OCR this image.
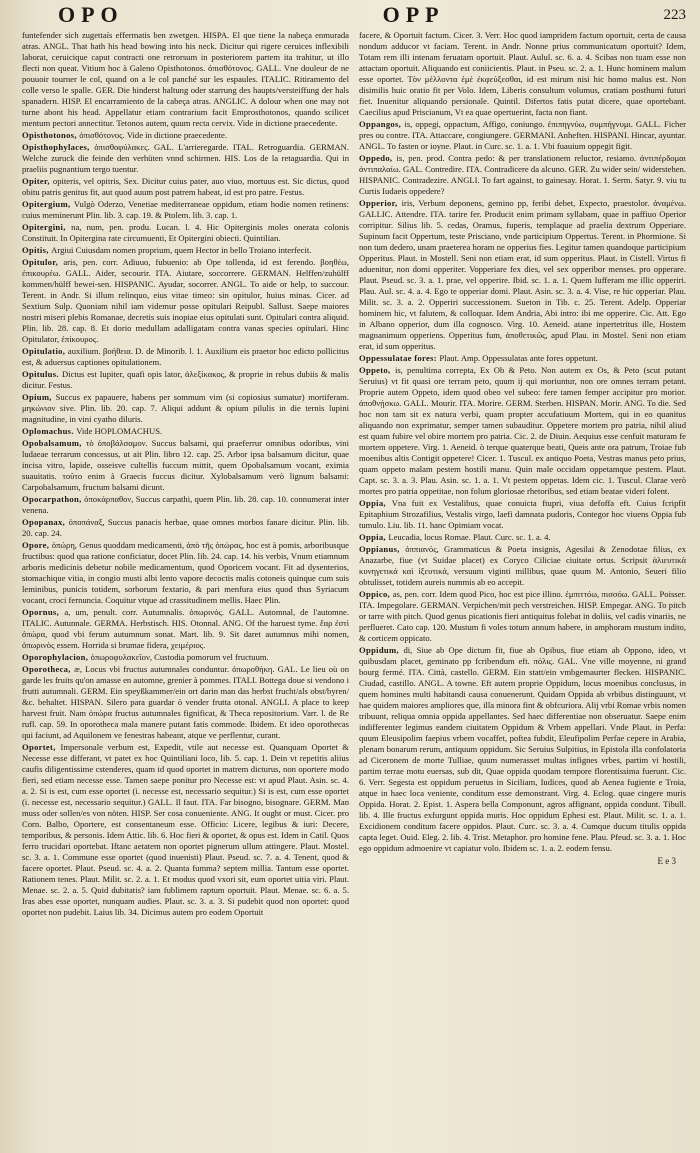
OPO	OPP	223

funtefender sich zugettaís effermatis ben zwetgen. HISPA. El que tiene la nabeça enmurada atras. ANGL. That hath his head bowing into his neck. Dicitur qui rigere ceruices inflexibili laborat, ceruicique caput contracti one retrorsum in posteriorem partem ita trahitur, ut illo flecti non queat. Vitium hoc à Galeno Opisthotonos. ὀπισθότονος. GALL. Vne douleur de ne pouuoir tourner le col, quand on a le col panché sur les espaules. ITALIC. Ritiramento del colle verso le spalle. GER. Die hinderst haltung oder starrung des haupts/versteiffung der hals spanadern. HISP. El encarramiento de la cabeça atras. ANGLIC. A dolour when one may not turne abont his head. Appellatur etiam contrarium facit Emprosthotonos, quando scilicet mentum pectori annectitur. Tetonos autem, quum recta cervix. Vide in dictione praecedente.

Opisthotonos, ὀπισθότονος. Vide in dictione praecedente.

Opisthophylaces, ὀπισθοφύλακες. GAL. L'arrieregarde. ITAL. Retroguardia. GERMAN. Welche zuruck die feinde den verhüten vnnd schirmen. HIS. Los de la retaguardia. Qui in praeliis pugnantium tergo tuentur.

Opiter, opiteris, vel opitris, Sex. Dicitur cuius pater, auo viuo, mortuus est. Sic dictus, quod obitu patris genitus fit, aut quod auum post patrem habeat, id est pro patre. Festus.

Opitergium, Vulgò Oderzo, Venetiae mediterraneae oppidum, etiam hodie nomen retinens: cuius meminerunt Plin. lib. 3. cap. 19. & Ptolem. lib. 3. cap. 1.

Opitergini, na, num, pen. produ. Lucan. l. 4. Hic Opiterginis moles onerata colonis Constituit. In Opitergina rate circumuenti, Et Opitergini obiecti. Quintilian.

Opitis, Argiui Cuiusdam nomen proprium, quem Hector in bello Troiano interfecit.

Opitulor, aris, pen. corr. Adiuuo, fubuenio: ab Ope tollenda, id est ferendo. βοηθέω, ἐπικουρέω. GALL. Aider, secourir. ITA. Aiutare, soccorrere. GERMAN. Helffen/zuhülff kommen/hülff bewei-sen. HISPANIC. Ayudar, socorrer. ANGL. To aide or help, to succour. Terent. in Andr. Si illum relinquo, eius vitae timeo: sin opitulor, huius minas. Cicer. ad Sextium Sulp. Quoniam nihil iam videmur posse opitulari Reipubl. Sallust. Saepe maiores nostri miseri plebis Romanae, decretis suis inopiae eius opitulati sunt. Opitulari contra aliquid. Plin. lib. 28. cap. 8. Et dorio medullam adalligatam contra vanas species opitulari. Hinc Opitulator, ἐπίκουρος.

Opitulatio, auxilium. βοήθεια. D. de Minorib. l. 1. Auxilium eis praetor hoc edicto pollicitus est, & aduersus captiones opitulationem.

Opitulus. Dictus est Iupiter, quafi opis lator, ἀλεξίκακος, & proprie in rebus dubiis & malis dicitur. Festus.

Opium, Succus ex papauere, habens per sommum vim (si copiosius sumatur) mortiferam. μηκώνιον sive. Plin. lib. 20. cap. 7. Aliqui addunt & opium pilulis in die ternis lupini magnitudine, in vini cyatho diluris.

Oplomachus. Vide HOPLOMACHUS.

Opobalsamum, τὸ ὀποβάλσαμον. Succus balsami, qui praeferrur omnibus odoribus, vini ludaeae terrarum concessus, ut ait Plin. libro 12. cap. 25. Arbor ipsa balsamum dicitur, quae incisa vitro, lapide, osseisve cultellis fuccum mittit, quem Opobalsamum vocant, eximia suauitatis. τοῦτο enim à Graecis fuccus dicitur. Xylobalsamum verò lignum balsami: Carpobalsamum, fructum balsami dicunt.

Opocarpathon, ὀποκάρπαθον, Succus carpathi, quem Plin. lib. 28. cap. 10. connumerat inter venena.

Opopanax, ὀποπάναξ, Succus panacis herbae, quae omnes morbos fanare dicitur. Plin. lib. 20. cap. 24.

Opore, ὀπώρη, Genus quoddam medicamenti, ἀπὸ τῆς ὀπώρας, hoc est à pomis, arboribusque fructibus: quod qua ratione conficiatur, docet Plin. lib. 24. cap. 14. his verbis, Vnum etiamnum arboris medicinis debetur nobile medicamentum, quod Oporicem vocant. Fit ad dysenterios, stomachique vitia, in congio musti albi lento vapore decoctis malis cotoneis quinque cum suis leminibus, punicis totidem, sorborum fextario, & pari menfura eius quod thus Syriacum vocant, croci fernuncia. Coquitur vtque ad crassitudinem mellis. Haec Plin.

Opornus, a, um, penult. corr. Autumnalis. ὀπωρινός. GALL. Automnal, de l'automne. ITALIC. Autunnale. GERMA. Herbstisch. HIS. Otonnal. ANG. Of the haruest tyme. ἔαρ ἐστὶ ὀπώρα, quod vbi ferum autumnum sonat. Mart. lib. 9. Sit daret autumnus mihi nomen, ὀπωρινὸς essem. Horrida si brumae fidera, χειμέριος.

Oporophylacion, ὀπωροφυλακεῖον, Custodia pomorum vel fructuum.

Oporotheca, æ, Locus vbi fructus autumnales conduntur. ὀπωροθήκη. GAL. Le lieu où on garde les fruits qu'on amasse en automne, grenier à pommes. ITALI. Bottega doue si vendono i frutti autumnali. GERM. Ein speyßkammer/ein ort darin man das herbst frucht/als obst/byren/ &c. behaltet. HISPAN. Silero para guardar ò vender frutta otonal. ANGLI. A place to keep harvest fruit. Nam ὀπώρα fructus autumnales fignificat, & Theca repositorium. Varr. l. de Re rufl. cap. 59. In oporotheca mala manere putant fatis commode. Ibidem. Et ideo oporothecas qui faciunt, ad Aquilonem ve fenestras habeant, atque ve perflentur, curant.

Oportet, Impersonale verbum est, Expedit, vtile aut necesse est. Quanquam Oportet & Necesse esse differant, vt patet ex hoc Quintiliani loco, lib. 5. cap. 1. Dein vt repetitis aliius caufis diligentissime cstenderes, quam id quod oportet in matrem dicturus, non oportere modo fieri, sed etiam necesse esse. Tamen saepe ponitur pro Necesse est: vt apud Plaut. Asin. sc. 4. a. 2. Si is est, cum esse oportet (i. necesse est, necessario sequitur.) Si is est, cum esse oportet (i. necesse est, necessario sequitur.) GALL. Il faut. ITA. Far bisogno, bisognare. GERM. Man muss oder sollen/es von nöten. HISP. Ser cosa conueniente. ANG. It ought or must. Cicer. pro Corn. Balbo, Oportere, est consentaneum esse. Officio: Licere, legibus & iuri: Decere, temporibus, & personis. Idem Attic. lib. 6. Hoc fieri & oportet, & opus est. Idem in Catil. Quos ferro trucidari oportebat. Iftanc aetatem non oportet pignerum ullum attingere. Plaut. Mostel. sc. 3. a. 1. Commune esse oportet (quod inuenisti) Plaut. Pseud. sc. 7. a. 4. Tenent, quod & facere oportet. Plaut. Pseud. sc. 4. a. 2. Quanta fumma? septem millia. Tantum esse oportet. Rationem tenes. Plaut. Milit. sc. 2. a. 1. Et modus quod vxori sit, eum oportet uitia viri. Plaut. Menae. sc. 2. a. 5. Quid dubitatis? iam fublimem raptum oportuit. Plaut. Menae. sc. 6. a. 5. Iras abes esse oportet, nunquam audies. Plaut. sc. 3. a. 3. Si pudebit quod non oportet: quod oportet non pudebit. Laius lib. 34. Dicimus autem pro eodem Oportuit

facere, & Oportuit factum. Cicer. 3. Verr. Hoc quod iampridem factum oportuit, certa de causa nondum adducor vt faciam. Terent. in Andr. Nonne prius communicatum oportuit? Idem, Totam rem illi intenam feruatam oportuit. Plaut. Aulul. sc. 6. a. 4. Scibas non tuam esse non attactam oportuit. Aliquando est coniicientis. Plaut. in Pseu. sc. 2. a. 1. Hunc hominem malum esse oportet. Τὸν μέλλοντα ἐμὲ ἐκφεύξεσθαι, id est mirum nisi hic homo malus est. Non disimilis huic oratio fit per Volo. Idem, Liberis consultum volumus, cratiam posthumi futuri fiet. Inuenitur aliquando persionale. Quintil. Difertos fatis putat dicere, quae oportebant. Caecilius apud Priscianum, Vt ea quae opertuerint, facta non fiant.

Oppangos, is, oppegi, oppactum, Affigo, coniungo. ἐπιπηγνύω, συμπήγνυμι. GALL. Ficher pres ou contre. ITA. Attaccare, congiungere. GERMANI. Anheften. HISPANI. Hincar, ayuntar. ANGL. To fasten or ioyne. Plaut. in Curc. sc. 1. a. 1. Vbi fuauium oppegit figit.

Oppedo, is, pen. prod. Contra pedo: & per translationem reluctor, resiamo. ἀντιπέρδομαι ἀντιπαλαίω. GAL. Contredire. ITA. Contradicere da alcuno. GER. Zu wider sein/ widerstehen. HISPANIC. Contradezire. ANGLI. To fart against, to gainesay. Horat. 1. Serm. Satyr. 9. viu tu Curtis Iudaeis oppedere?

Opperior, iris, Verbum deponens, gemino pp, feribi debet, Expecto, praestolor. ἀναμένω. GALLIC. Attendre. ITA. tarire fer. Producit enim primam syllabam, quae in paffiuo Operior corripitur. Silius lib. 5. cedas, Oramus, fuperis, templaque ad praelia dextrum Opperiare. Supinum facit Oppertum, teste Prisciano, vnde participium Oppertus. Terent. in Phormione. Si non tum dedero, unam praeterea horam ne opperius fies. Legitur tamen quandoque participium Opperitus. Plaut. in Mostell. Seni non etiam erat, id sum opperitus. Plaut. in Cistell. Virtus fi aduenitur, non domi opperiter. Vopperiare fex dies, vel sex opperibor menses. pro opperare. Plaut. Pseud. sc. 3. a. 1. prae, vel opperire. Ibid. sc. 1. a. 1. Quem Iufferam me illic opperiri. Plau. Aul. sc. 4. a. 4. Ego te opperiar domi. Plaut. Asin. sc. 3. a. 4. Vise, re hic opperiar. Plau. Milit. sc. 3. a. 2. Opperiri successionem. Sueton in Tib. c. 25. Terent. Adelp. Opperiar hominem hic, vt falutem, & colloquar. Idem Andria, Abi intro: ibi me opperire. Cic. Att. Ego in Albano opperior, dum illa cognosco. Virg. 10. Aeneid. atane inpertetritus ille, Hostem magnanimum opperiens. Opperitus fum, ἀποθετικῶς, apud Plau. in Mostel. Seni non etiam erat, id sum opperitus.

Oppessulatae fores: Plaut. Amp. Oppessulatas ante fores oppetunt.

Oppeto, is, penultima correpta, Ex Ob & Peto. Non autem ex Os, & Peto (scut putant Seruius) vt fit quasi ore terram peto, quum ij qui moriuntur, non ore omnes terram petant. Proprie autem Oppeto, idem quod obeo vel subeo: fere tamen femper accipitur pro morior. ἀποθνῄσκω. GALL. Mourir. ITA. Morire. GERM. Sterben. HISPAN. Morir. ANG. To die. Sed hoc non tam sit ex natura verbi, quam propter accufatiuum Mortem, qui in eo quanitus aliquando non exprimatur, semper tamen subauditur. Oppetere mortem pro patria, nihil aliud est quam fubire vel obire mortem pro patria. Cic. 2. de Diuin. Aequius esse cenfuit maturam fe mortem oppetere. Virg. 1. Aeneid. ò terque quaterque beati, Queis ante ora patrum, Troiae fub moenibus altis Contigit oppetere! Cicer. 1. Tuscul. ex antiquo Poeta, Vestras manus peto prius, quam oppeto malam pestem hostili manu. Quin male occidam oppetamque pestem. Plaut. Capt. sc. 3. a. 3. Plau. Asin. sc. 1. a. 1. Vt pestem oppetas. Idem cic. 1. Tuscul. Clarae verò mortes pro patria oppetitae, non folum gloriosae rhetoribus, sed etiam beatae videri folent.

Oppia, Vna fuit ex Vestalibus, quae conuicta ftupri, viua defoffa eft. Cuius fcripfit Epitaphium Strozafilius, Vestalis virgo, laefi damnata pudoris, Contegor hoc viuens Oppia fub tumulo. Liu. lib. 11. hanc Opimiam vocat.

Oppia, Leucadia, locus Romae. Plaut. Curc. sc. 1. a. 4.

Oppianus, ὀππιανός, Grammaticus & Poeta insignis, Agesilai & Zenodotae filius, ex Anazarbe, fiue (vt Suidae placet) ex Coryco Ciliciae ciuitate ortus. Scripsit ἁλιευτικὰ κυνηγετικά καὶ ἰξευτικά, versuum viginti millibus, quae quum M. Antonio, Seueri filio obtulisset, totidem aureis nummis ab eo accepit.

Oppico, as, pen. corr. Idem quod Pico, hoc est pice illino. ἐμπιττόω, πισσόω. GALL. Poisser. ITA. Impegolare. GERMAN. Verpichen/mit pech verstreichen. HISP. Empegar. ANG. To pitch or tarre with pitch. Quod genus picationis fieri antiquitus folebat in doliis, vel cadis vinariis, ne perflueret. Cato cap. 120. Mustum fi voles totum annum habere, in amphoram mustum indito, & corticem oppicato.

Oppidum, di, Siue ab Ope dictum fit, fiue ab Opibus, fiue etiam ab Oppono, ideo, vt quibusdam placet, geminato pp fcribendum eft. πόλις. GAL. Vne ville moyenne, ni grand bourg fermé. ITA. Città, castello. GERM. Ein statt/ein vmbgemaurter flecken. HISPANIC. Ciudad, castillo. ANGL. A towne. Eft autem proprie Oppidum, locus moenibus conclusus, in quem homines multi habitandi causa conuenerunt. Quidam Oppida ab vrbibus distinguunt, vt hae quidem maiores ampliores que, illa minora fint & obfcuriora. Alij vrbi Romae vrbis nomen tribuunt, reliqua omnia oppida appellantes. Sed haec differentiae non obseruatur. Saepe enim indifferenter legimus eandem ciuitatem Oppidum & Vrbem appellari. Vnde Plaut. in Perfa: quum Eleusipolim faepius vrbem vocaffet, poftea fubdit, Eleufipolim Perfae cepere in Arabia, plenam bonarum rerum, antiquum oppidum. Sic Seruius Sulpitius, in Epistola illa confolatoria ad Ciceronem de morte Tulliae, quum numerasset multas infignes vrbes, partim vi hostili, partim terrae motu euersas, sub dit, Quae oppida quodam tempore florentissima fuerunt. Cic. 6. Verr. Segesta est oppidum peruetus in Siciliam, Iudices, quod ab Aenea fugiente e Troia, atque in haec loca veniente, conditum esse demonstrant. Virg. 4. Eclog. quae cingere muris Oppida. Horat. 2. Epist. 1. Aspera bella Componunt, agros affignant, oppida condunt. Tibull. lib. 4. Ille fructus exfurgunt oppida muris. Hoc oppidum Ephesi est. Plaut. Milit. sc. 1. a. 1. Excidionem conditum facere oppidos. Plaut. Curc. sc. 3. a. 4. Cumque ducum titulis oppida capta leget. Ouid. Eleg. 2. lib. 4. Trist. Metaphor. pro homine fene. Plau. Pfeud. sc. 3. a. 1. Hoc ego oppidum admoenire vt capiatur volo. Ibidem sc. 1. a. 2. eodem fensu.

E e 3
